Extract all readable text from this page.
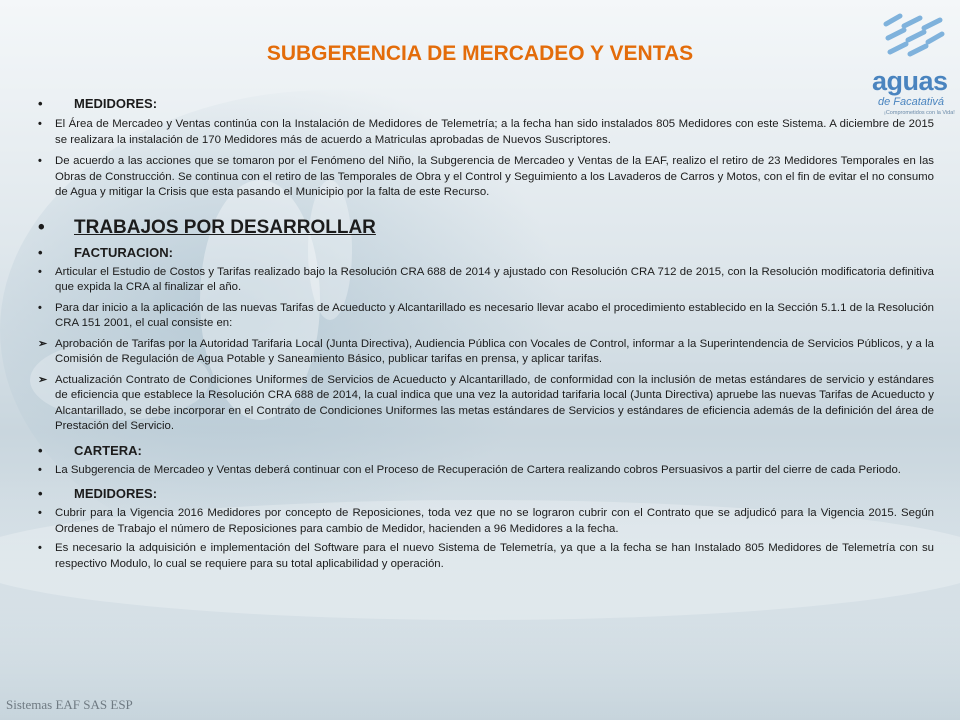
SUBGERENCIA DE MERCADEO Y VENTAS
aguas
de Facatativá
¡Comprometidos con la Vida!
• MEDIDORES:
• El Área de Mercadeo y Ventas continúa con la Instalación de Medidores de Telemetría; a la fecha han sido instalados 805 Medidores con este Sistema. A diciembre de 2015 se realizara la instalación de 170 Medidores más de acuerdo a Matriculas aprobadas de Nuevos Suscriptores.
• De acuerdo a las acciones que se tomaron por el Fenómeno del Niño, la Subgerencia de Mercadeo y Ventas de la EAF, realizo el retiro de 23 Medidores Temporales en las Obras de Construcción. Se continua con el retiro de las Temporales de Obra y el Control y Seguimiento a los Lavaderos de Carros y Motos, con el fin de evitar el no consumo de Agua y mitigar la Crisis que esta pasando el Municipio por la falta de este Recurso.
• TRABAJOS POR DESARROLLAR
• FACTURACION:
• Articular el Estudio de Costos y Tarifas realizado bajo la Resolución CRA 688 de 2014 y ajustado con Resolución CRA 712 de 2015, con la Resolución modificatoria definitiva que expida la CRA al finalizar el año.
• Para dar inicio a la aplicación de las nuevas Tarifas de Acueducto y Alcantarillado es necesario llevar acabo el procedimiento establecido en la Sección 5.1.1 de la Resolución CRA 151 2001, el cual consiste en:
➢ Aprobación de Tarifas por la Autoridad Tarifaria Local (Junta Directiva), Audiencia Pública con Vocales de Control, informar a la Superintendencia de Servicios Públicos, y a la Comisión de Regulación de Agua Potable y Saneamiento Básico, publicar tarifas en prensa, y aplicar tarifas.
➢ Actualización Contrato de Condiciones Uniformes de Servicios de Acueducto y Alcantarillado, de conformidad con la inclusión de metas estándares de servicio y estándares de eficiencia que establece la Resolución CRA 688 de 2014, la cual indica que una vez la autoridad tarifaria local (Junta Directiva) apruebe las nuevas Tarifas de Acueducto y Alcantarillado, se debe incorporar en el Contrato de Condiciones Uniformes las metas estándares de Servicios y estándares de eficiencia además de la definición del área de Prestación del Servicio.
• CARTERA:
• La Subgerencia de Mercadeo y Ventas deberá continuar con el Proceso de Recuperación de Cartera realizando cobros Persuasivos a partir del cierre de cada Periodo.
• MEDIDORES:
• Cubrir para la Vigencia 2016 Medidores por concepto de Reposiciones, toda vez que no se lograron cubrir con el Contrato que se adjudicó para la Vigencia 2015. Según Ordenes de Trabajo el número de Reposiciones para cambio de Medidor, hacienden a 96 Medidores a la fecha.
• Es necesario la adquisición e implementación del Software para el nuevo Sistema de Telemetría, ya que a la fecha se han Instalado 805 Medidores de Telemetría con su respectivo Modulo, lo cual se requiere para su total aplicabilidad y operación.
Sistemas EAF SAS ESP
